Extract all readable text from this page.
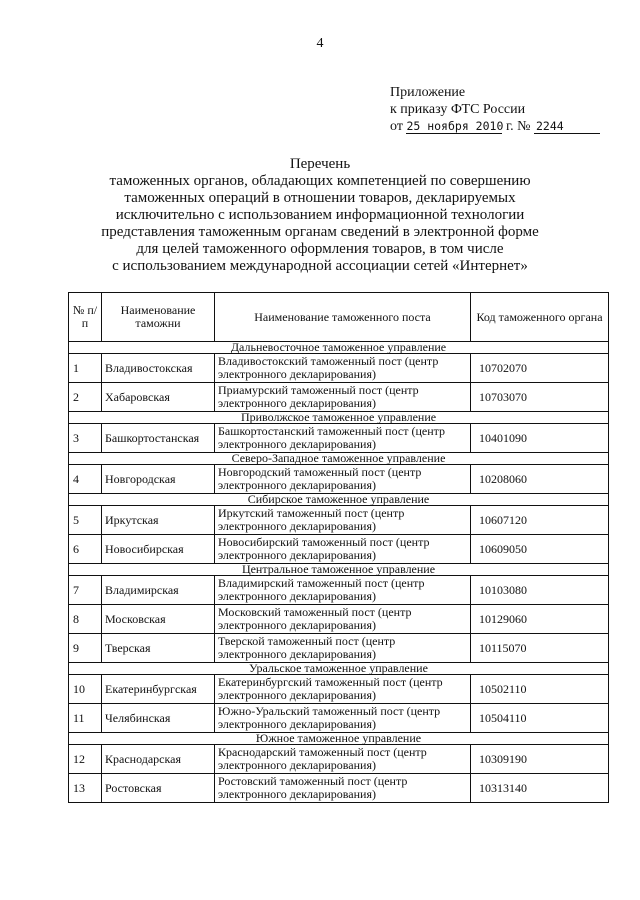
4
Приложение
к приказу ФТС России
от 25 ноября 2010 г. № 2244
Перечень
таможенных органов, обладающих компетенцией по совершению
таможенных операций в отношении товаров, декларируемых
исключительно с использованием информационной технологии
представления таможенным органам сведений в электронной форме
для целей таможенного оформления товаров, в том числе
с использованием международной ассоциации сетей «Интернет»
№ п/п	Наименование таможни	Наименование таможенного поста	Код таможенного органа
Дальневосточное таможенное управление			
1	Владивостокская	Владивостокский таможенный пост (центр
электронного декларирования)	10702070
2	Хабаровская	Приамурский таможенный пост (центр
электронного декларирования)	10703070
Приволжское таможенное управление			
3	Башкортостанская	Башкортостанский таможенный пост (центр
электронного декларирования)	10401090
Северо-Западное таможенное управление			
4	Новгородская	Новгородский таможенный пост (центр
электронного декларирования)	10208060
Сибирское таможенное управление			
5	Иркутская	Иркутский таможенный пост (центр
электронного декларирования)	10607120
6	Новосибирская	Новосибирский таможенный пост (центр
электронного декларирования)	10609050
Центральное таможенное управление			
7	Владимирская	Владимирский таможенный пост (центр
электронного декларирования)	10103080
8	Московская	Московский таможенный пост (центр
электронного декларирования)	10129060
9	Тверская	Тверской таможенный пост (центр
электронного декларирования)	10115070
Уральское таможенное управление			
10	Екатеринбургская	Екатеринбургский таможенный пост (центр
электронного декларирования)	10502110
11	Челябинская	Южно-Уральский таможенный пост (центр
электронного декларирования)	10504110
Южное таможенное управление			
12	Краснодарская	Краснодарский таможенный пост (центр
электронного декларирования)	10309190
13	Ростовская	Ростовский таможенный пост (центр
электронного декларирования)	10313140
